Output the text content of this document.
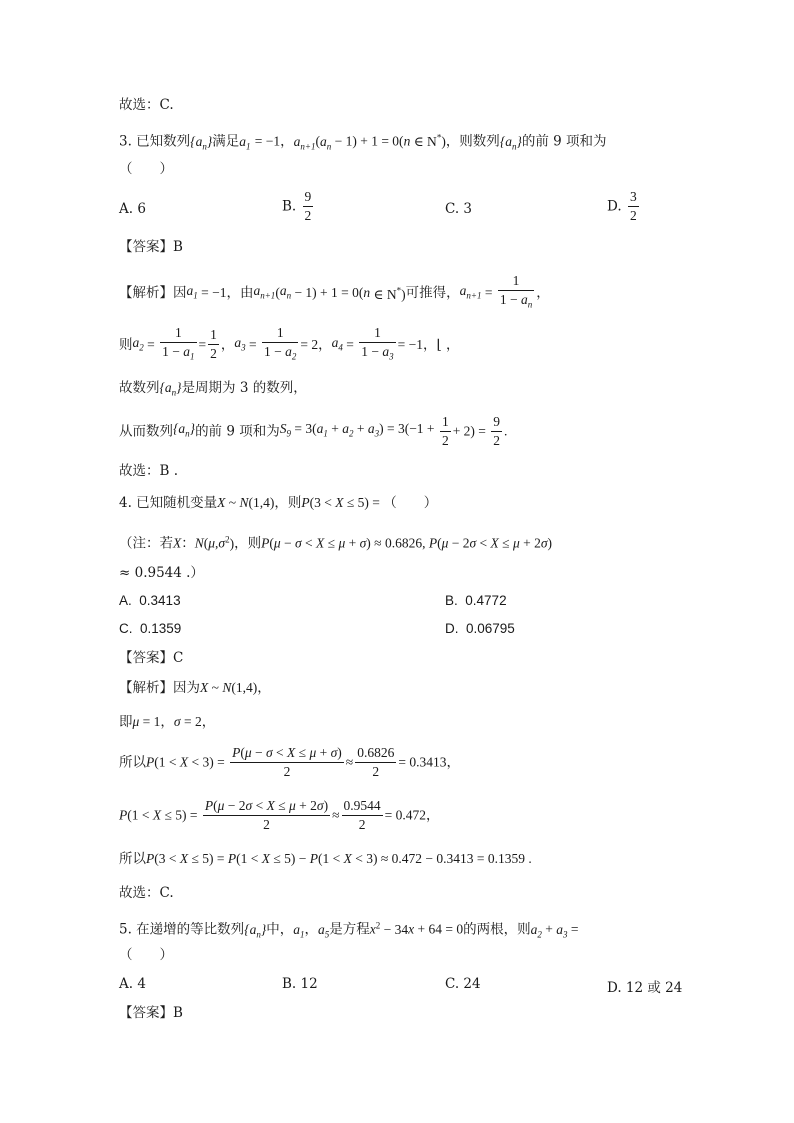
故选：C.
3. 已知数列$\{a_n\}$满足$a_1 = -1$，$a_{n+1}(a_n - 1) + 1 = 0(n$ ∈ N*)，则数列$\{a_n\}$的前 9 项和为
（　　）
A. 6	B. $\frac{9}{2}$	C. 3	D. $\frac{3}{2}$
【答案】B
【解析】因$a_1 = -1$，由$a_{n+1}(a_n - 1) + 1 = 0(n$ ∈ N*)可推得，$a_{n+1} = \frac{1}{1 - a_n}$ ，
则$a_2 = \frac{1}{1 - a_1} = \frac{1}{2}$ ，$a_3 = \frac{1}{1 - a_2} = 2$，$a_4 = \frac{1}{1 - a_3} = -1$，⌊ ，
故数列$\{a_n\}$是周期为 3 的数列，
从而数列$\{a_n\}$的前 9 项和为$S_9 = 3(a_1 + a_2 + a_3) = 3(-1 + \frac{1}{2} + 2) = \frac{9}{2}$ .
故选：B .
4. 已知随机变量X ~ N(1,4)，则P(3 < X ≤ 5) = （　　）
（注：若X：$N(\mu,\sigma^2)$，则P(μ − σ < X ≤ μ + σ) ≈ 0.6826, P(μ − 2σ < X ≤ μ + 2σ)
≈ 0.9544 .）
A. 0.3413	B. 0.4772
C. 0.1359	D. 0.06795
【答案】C
【解析】因为X ~ N(1,4)，
即μ = 1，σ = 2，
所以$P(1 < X < 3) = \frac{P(\mu - \sigma < X \le \mu + \sigma)}{2} \approx \frac{0.6826}{2} = 0.3413$，
$P(1 < X \le 5) = \frac{P(\mu - 2\sigma < X \le \mu + 2\sigma)}{2} \approx \frac{0.9544}{2} = 0.472$，
所以P(3 < X ≤ 5) = P(1 < X ≤ 5) − P(1 < X < 3) ≈ 0.472 − 0.3413 = 0.1359 .
故选：C.
5. 在递增的等比数列$\{a_n\}$中，$a_1$，$a_5$是方程$x^2 - 34x + 64 = 0$的两根，则$a_2 + a_3$ =
（　　）
A. 4	B. 12	C. 24	D. 12 或 24
【答案】B
